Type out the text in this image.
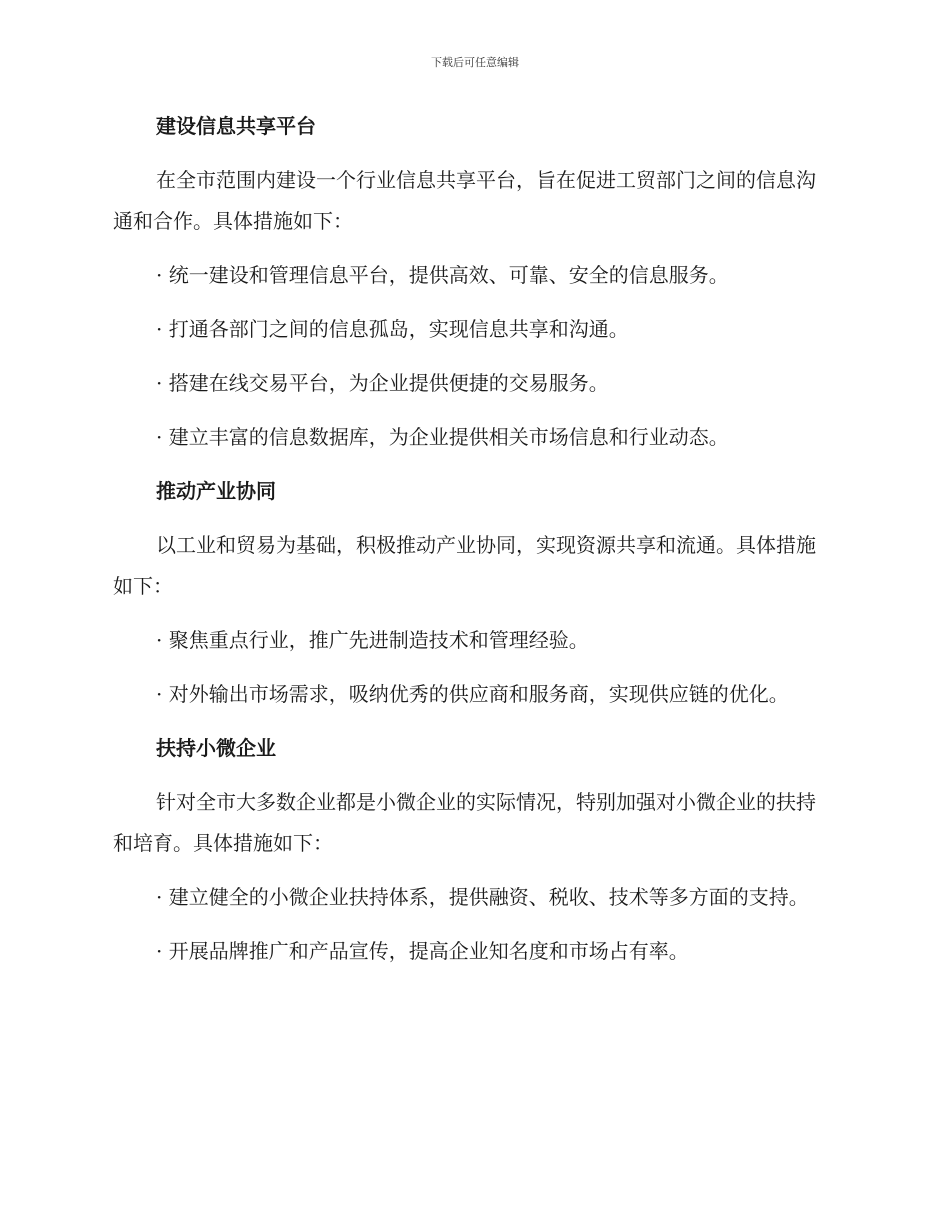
下载后可任意编辑

建设信息共享平台

在全市范围内建设一个行业信息共享平台，旨在促进工贸部门之间的信息沟通和合作。具体措施如下：

· 统一建设和管理信息平台，提供高效、可靠、安全的信息服务。

· 打通各部门之间的信息孤岛，实现信息共享和沟通。

· 搭建在线交易平台，为企业提供便捷的交易服务。

· 建立丰富的信息数据库，为企业提供相关市场信息和行业动态。

推动产业协同

以工业和贸易为基础，积极推动产业协同，实现资源共享和流通。具体措施如下：

· 聚焦重点行业，推广先进制造技术和管理经验。

· 对外输出市场需求，吸纳优秀的供应商和服务商，实现供应链的优化。

扶持小微企业

针对全市大多数企业都是小微企业的实际情况，特别加强对小微企业的扶持和培育。具体措施如下：

· 建立健全的小微企业扶持体系，提供融资、税收、技术等多方面的支持。

· 开展品牌推广和产品宣传，提高企业知名度和市场占有率。
